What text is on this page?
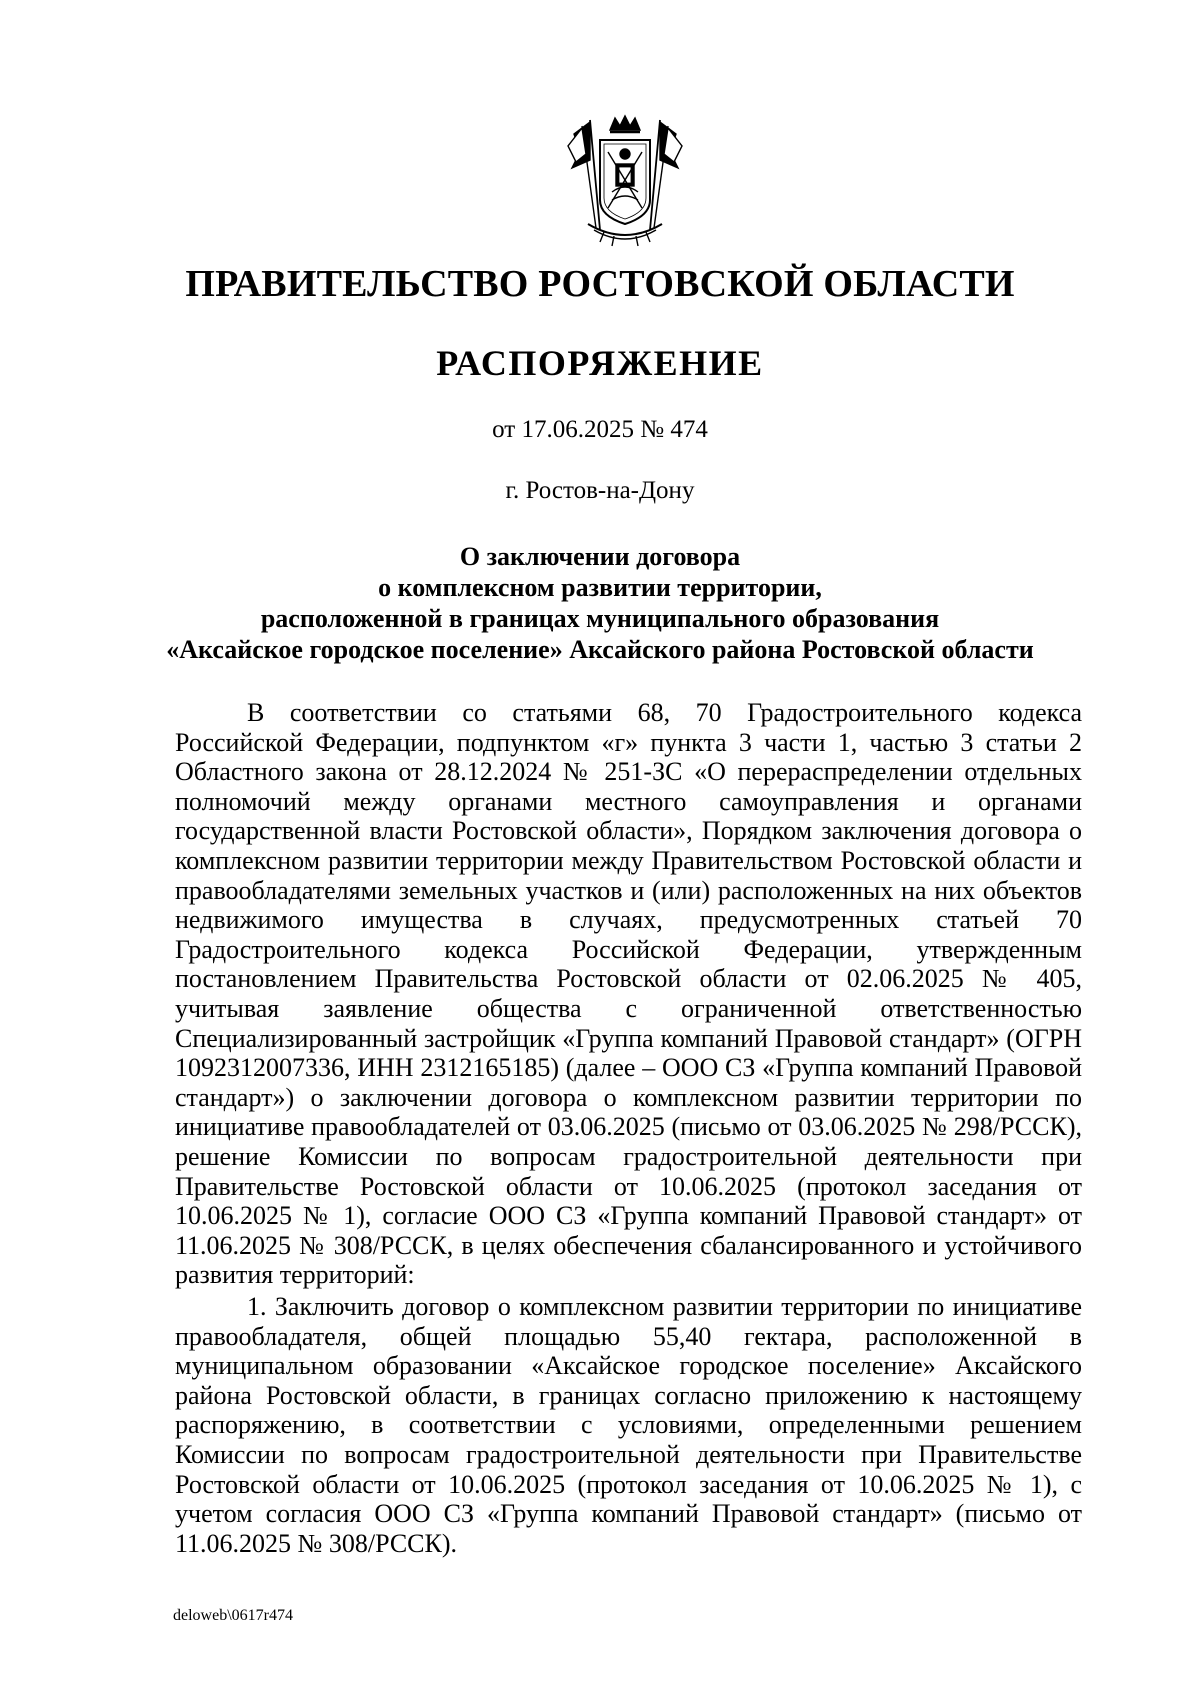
ПРАВИТЕЛЬСТВО РОСТОВСКОЙ ОБЛАСТИ
РАСПОРЯЖЕНИЕ
от 17.06.2025 № 474
г. Ростов-на-Дону
О заключении договора
о комплексном развитии территории,
расположенной в границах муниципального образования
«Аксайское городское поселение» Аксайского района Ростовской области

В соответствии со статьями 68, 70 Градостроительного кодекса Российской Федерации, подпунктом «г» пункта 3 части 1, частью 3 статьи 2 Областного закона от 28.12.2024 № 251-ЗС «О перераспределении отдельных полномочий между органами местного самоуправления и органами государственной власти Ростовской области», Порядком заключения договора о комплексном развитии территории между Правительством Ростовской области и правообладателями земельных участков и (или) расположенных на них объектов недвижимого имущества в случаях, предусмотренных статьей 70 Градостроительного кодекса Российской Федерации, утвержденным постановлением Правительства Ростовской области от 02.06.2025 № 405, учитывая заявление общества с ограниченной ответственностью Специализированный застройщик «Группа компаний Правовой стандарт» (ОГРН 1092312007336, ИНН 2312165185) (далее – ООО СЗ «Группа компаний Правовой стандарт») о заключении договора о комплексном развитии территории по инициативе правообладателей от 03.06.2025 (письмо от 03.06.2025 № 298/РССК), решение Комиссии по вопросам градостроительной деятельности при Правительстве Ростовской области от 10.06.2025 (протокол заседания от 10.06.2025 № 1), согласие ООО СЗ «Группа компаний Правовой стандарт» от 11.06.2025 № 308/РССК, в целях обеспечения сбалансированного и устойчивого развития территорий:

1. Заключить договор о комплексном развитии территории по инициативе правообладателя, общей площадью 55,40 гектара, расположенной в муниципальном образовании «Аксайское городское поселение» Аксайского района Ростовской области, в границах согласно приложению к настоящему распоряжению, в соответствии с условиями, определенными решением Комиссии по вопросам градостроительной деятельности при Правительстве Ростовской области от 10.06.2025 (протокол заседания от 10.06.2025 № 1), с учетом согласия ООО СЗ «Группа компаний Правовой стандарт» (письмо от 11.06.2025 № 308/РССК).

deloweb\0617r474
